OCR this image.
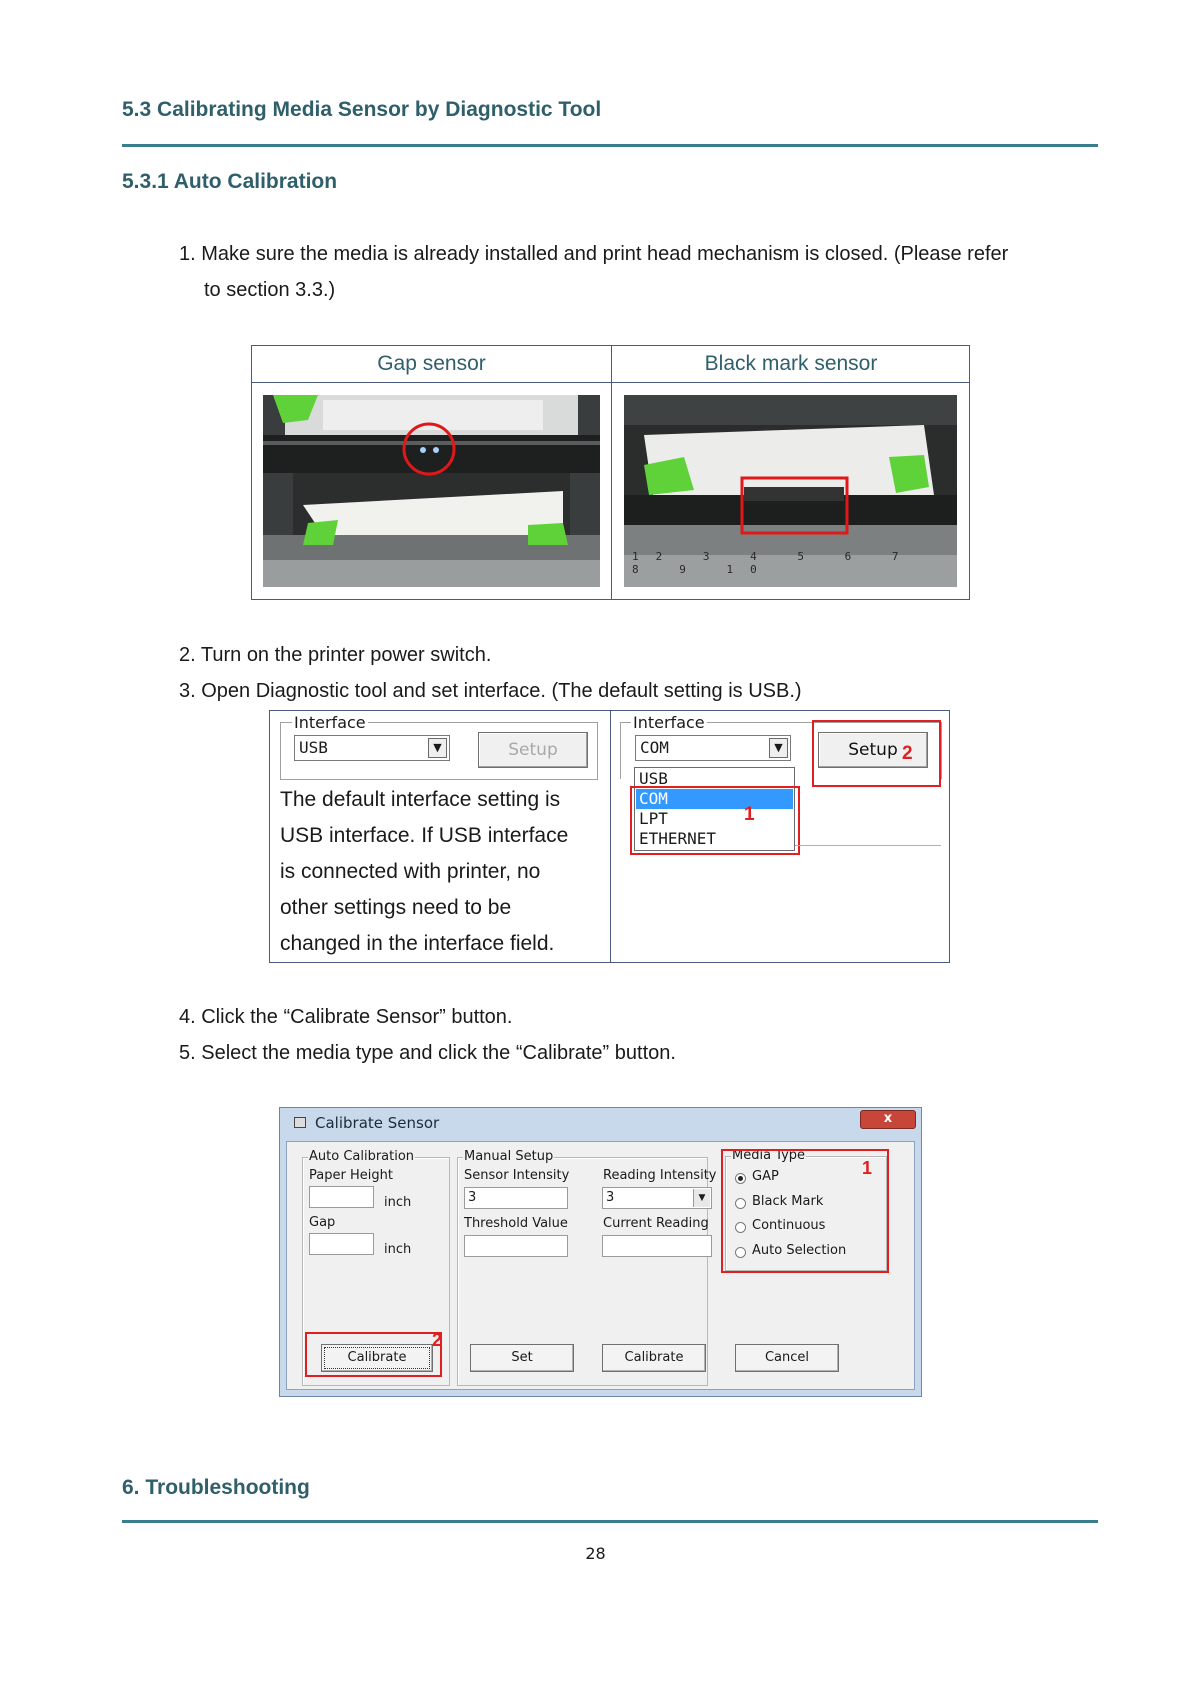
5.3 Calibrating Media Sensor by Diagnostic Tool
5.3.1 Auto Calibration
1. Make sure the media is already installed and print head mechanism is closed. (Please refer
to section 3.3.)
Gap sensor	Black mark sensor
12 3 4 5 6 7 8 9 10
2. Turn on the printer power switch.
3. Open Diagnostic tool and set interface. (The default setting is USB.)
Interface
USB	▼	Setup
The default interface setting is
USB interface. If USB interface
is connected with printer, no
other settings need to be
changed in the interface field.
Interface
COM	▼	Setup 2
USB
COM
LPT
ETHERNET
1
4. Click the “Calibrate Sensor” button.
5. Select the media type and click the “Calibrate” button.
Calibrate Sensor	x
Auto Calibration
Paper Height
inch
Gap
inch
Calibrate
2
Manual Setup
Sensor Intensity
3
Reading Intensity
3	▼
Threshold Value	Current Reading
Set	Calibrate
Media Type
GAP
Black Mark
Continuous
Auto Selection
1
Cancel
6. Troubleshooting
28
